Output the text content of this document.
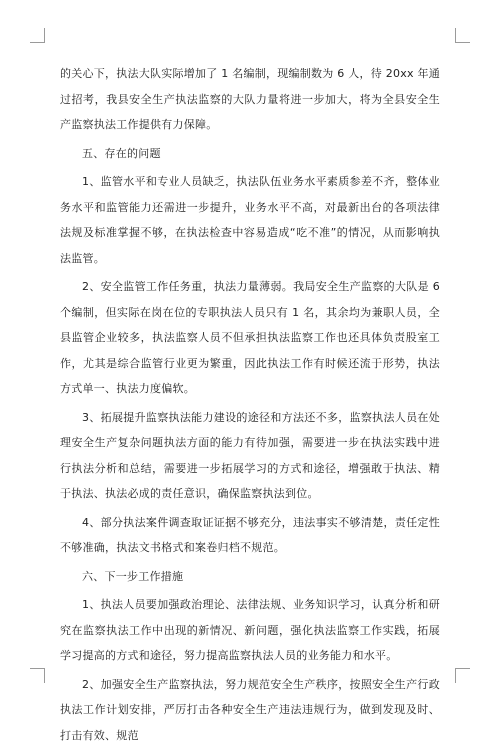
的关心下，执法大队实际增加了 1 名编制，现编制数为 6 人，待 20xx 年通过招考，我县安全生产执法监察的大队力量将进一步加大，将为全县安全生产监察执法工作提供有力保障。

五、存在的问题

1、监管水平和专业人员缺乏，执法队伍业务水平素质参差不齐，整体业务水平和监管能力还需进一步提升，业务水平不高，对最新出台的各项法律法规及标准掌握不够，在执法检查中容易造成“吃不准”的情况，从而影响执法监管。

2、安全监管工作任务重，执法力量薄弱。我局安全生产监察的大队是 6 个编制，但实际在岗在位的专职执法人员只有 1 名，其余均为兼职人员，全县监管企业较多，执法监察人员不但承担执法监察工作也还具体负责股室工作，尤其是综合监管行业更为繁重，因此执法工作有时候还流于形势，执法方式单一、执法力度偏软。

3、拓展提升监察执法能力建设的途径和方法还不多，监察执法人员在处理安全生产复杂问题执法方面的能力有待加强，需要进一步在执法实践中进行执法分析和总结，需要进一步拓展学习的方式和途径，增强敢于执法、精于执法、执法必成的责任意识，确保监察执法到位。

4、部分执法案件调查取证证据不够充分，违法事实不够清楚，责任定性不够准确，执法文书格式和案卷归档不规范。

六、下一步工作措施

1、执法人员要加强政治理论、法律法规、业务知识学习，认真分析和研究在监察执法工作中出现的新情况、新问题，强化执法监察工作实践，拓展学习提高的方式和途径，努力提高监察执法人员的业务能力和水平。

2、加强安全生产监察执法，努力规范安全生产秩序，按照安全生产行政执法工作计划安排，严厉打击各种安全生产违法违规行为，做到发现及时、打击有效、规范
